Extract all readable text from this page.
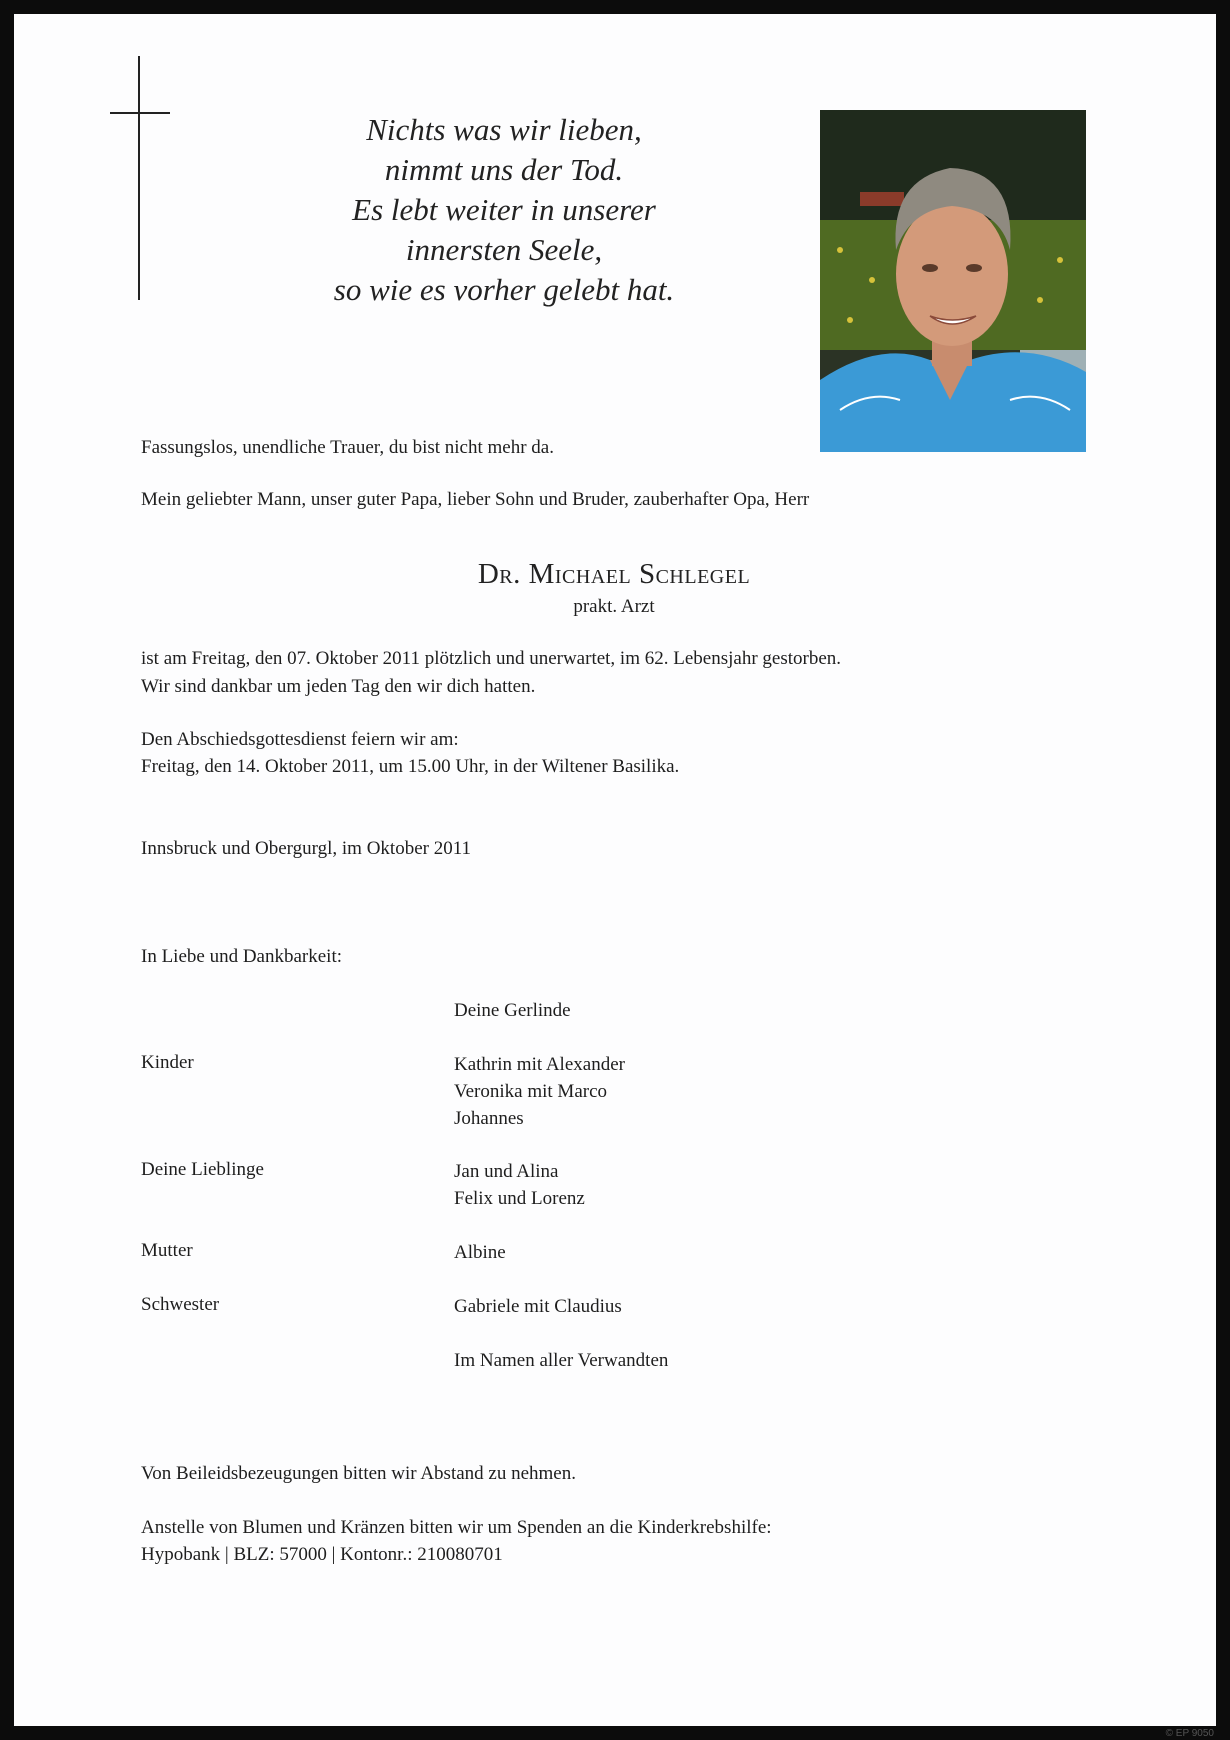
Nichts was wir lieben,
nimmt uns der Tod.
Es lebt weiter in unserer
innersten Seele,
so wie es vorher gelebt hat.
Fassungslos, unendliche Trauer, du bist nicht mehr da.
Mein geliebter Mann, unser guter Papa, lieber Sohn und Bruder, zauberhafter Opa, Herr
Dr. Michael Schlegel
prakt. Arzt
ist am Freitag, den 07. Oktober 2011 plötzlich und unerwartet, im 62. Lebensjahr gestorben.
Wir sind dankbar um jeden Tag den wir dich hatten.
Den Abschiedsgottesdienst feiern wir am:
Freitag, den 14. Oktober 2011, um 15.00 Uhr, in der Wiltener Basilika.
Innsbruck und Obergurgl, im Oktober 2011
In Liebe und Dankbarkeit:
Deine Gerlinde
Kinder	Kathrin mit Alexander
Veronika mit Marco
Johannes
Deine Lieblinge	Jan und Alina
Felix und Lorenz
Mutter	Albine
Schwester	Gabriele mit Claudius
Im Namen aller Verwandten
Von Beileidsbezeugungen bitten wir Abstand zu nehmen.
Anstelle von Blumen und Kränzen bitten wir um Spenden an die Kinderkrebshilfe:
Hypobank | BLZ: 57000 | Kontonr.: 210080701
© EP 9050
